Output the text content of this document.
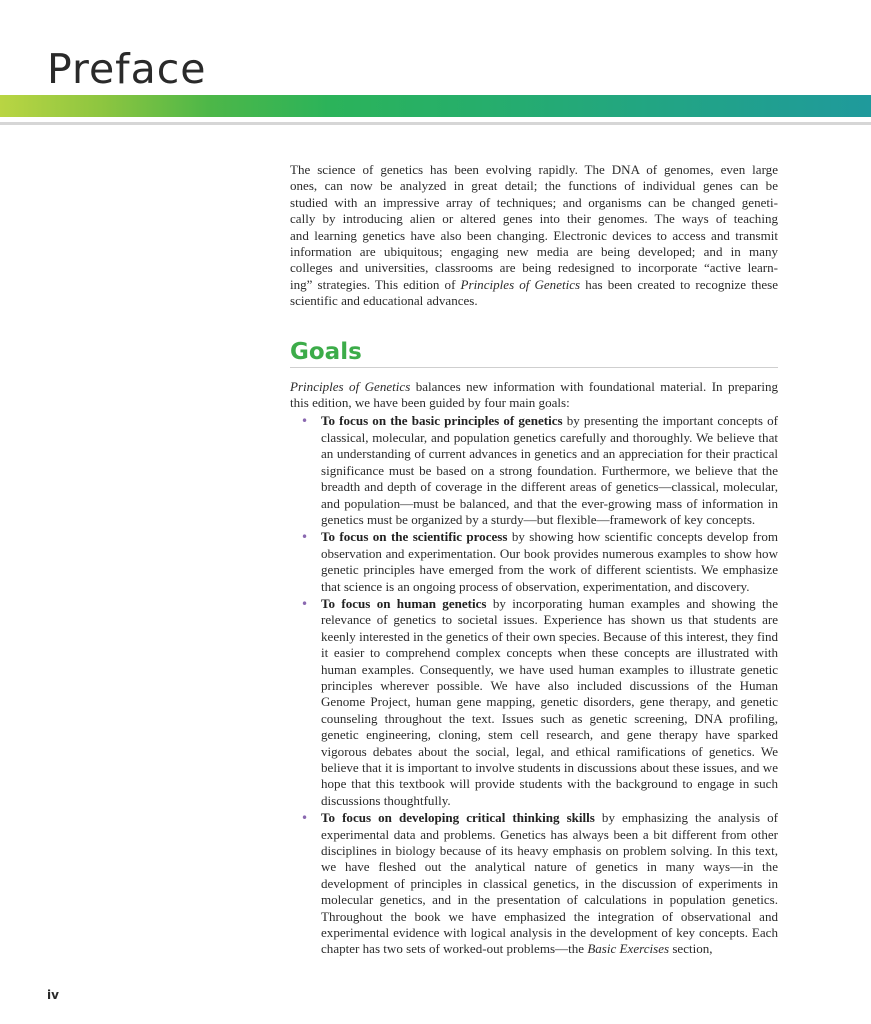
Preface

The science of genetics has been evolving rapidly. The DNA of genomes, even large
ones, can now be analyzed in great detail; the functions of individual genes can be
studied with an impressive array of techniques; and organisms can be changed geneti-
cally by introducing alien or altered genes into their genomes. The ways of teaching
and learning genetics have also been changing. Electronic devices to access and transmit
information are ubiquitous; engaging new media are being developed; and in many
colleges and universities, classrooms are being redesigned to incorporate “active learn-
ing” strategies. This edition of Principles of Genetics has been created to recognize these
scientific and educational advances.

Goals

Principles of Genetics balances new information with foundational material. In preparing this edition, we have been guided by four main goals:

• To focus on the basic principles of genetics by presenting the important concepts of classical, molecular, and population genetics carefully and thoroughly. We believe that an understanding of current advances in genetics and an appreciation for their practical significance must be based on a strong foundation. Furthermore, we believe that the breadth and depth of coverage in the different areas of genetics—classical, molecular, and population—must be balanced, and that the ever-growing mass of information in genetics must be organized by a sturdy—but flexible—framework of key concepts.
• To focus on the scientific process by showing how scientific concepts develop from observation and experimentation. Our book provides numerous examples to show how genetic principles have emerged from the work of different scientists. We emphasize that science is an ongoing process of observation, experimentation, and discovery.
• To focus on human genetics by incorporating human examples and showing the relevance of genetics to societal issues. Experience has shown us that students are keenly interested in the genetics of their own species. Because of this interest, they find it easier to comprehend complex concepts when these concepts are illustrated with human examples. Consequently, we have used human examples to illustrate genetic principles wherever possible. We have also included discussions of the Human Genome Project, human gene mapping, genetic disorders, gene therapy, and genetic counseling throughout the text. Issues such as genetic screening, DNA profiling, genetic engineering, cloning, stem cell research, and gene therapy have sparked vigorous debates about the social, legal, and ethical ramifications of genetics. We believe that it is important to involve students in discussions about these issues, and we hope that this textbook will provide students with the background to engage in such discussions thoughtfully.
• To focus on developing critical thinking skills by emphasizing the analysis of experimental data and problems. Genetics has always been a bit different from other disciplines in biology because of its heavy emphasis on problem solving. In this text, we have fleshed out the analytical nature of genetics in many ways—in the development of principles in classical genetics, in the discussion of experiments in molecular genetics, and in the presentation of calculations in population genetics. Throughout the book we have emphasized the integration of observational and experimental evidence with logical analysis in the development of key concepts. Each chapter has two sets of worked-out problems—the Basic Exercises section,
iv
